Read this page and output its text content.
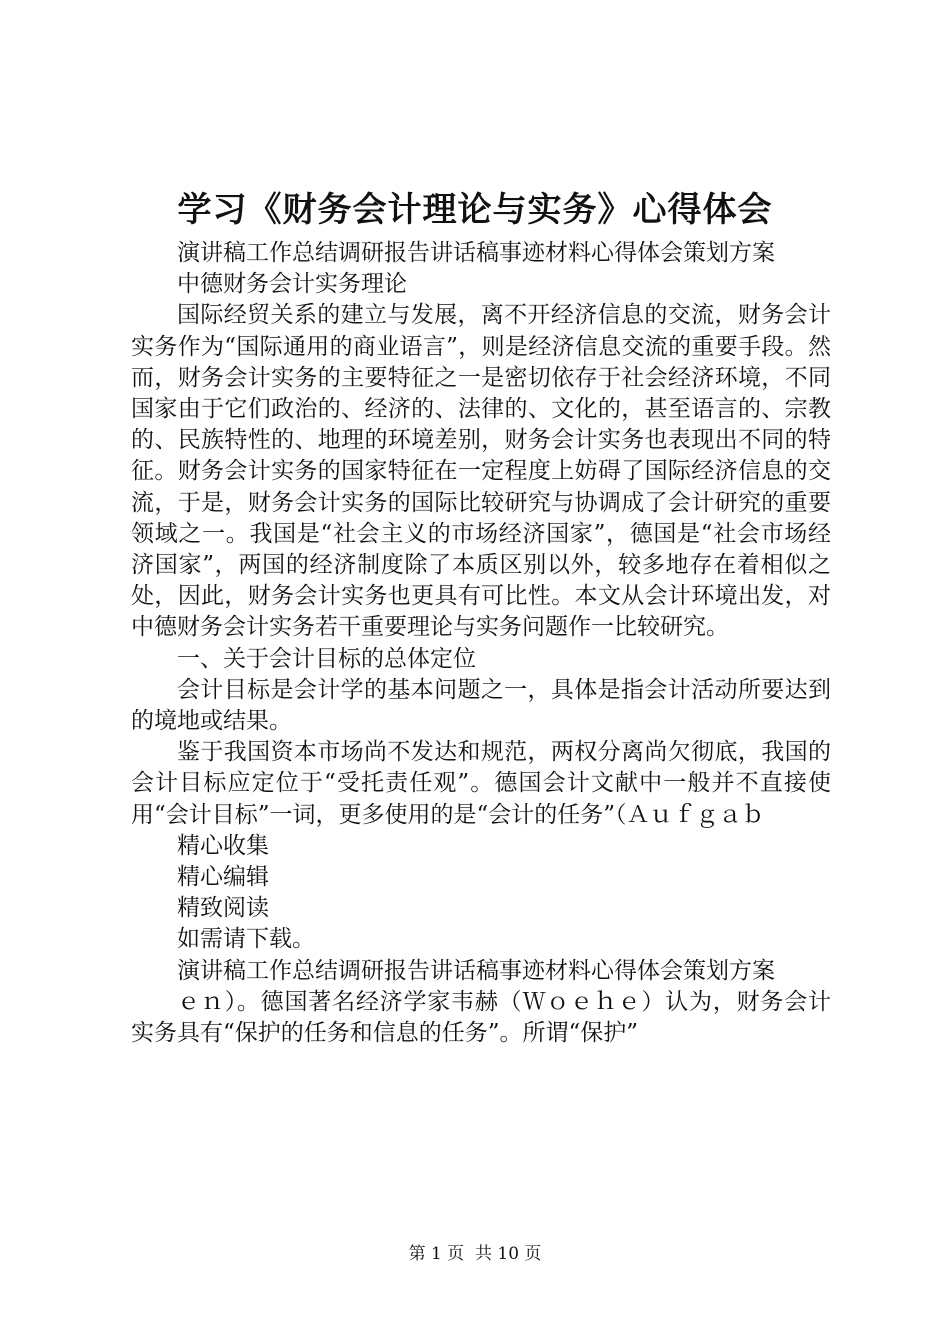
学习《财务会计理论与实务》心得体会

演讲稿工作总结调研报告讲话稿事迹材料心得体会策划方案

中德财务会计实务理论

国际经贸关系的建立与发展，离不开经济信息的交流，财务会计实务作为“国际通用的商业语言”，则是经济信息交流的重要手段。然而，财务会计实务的主要特征之一是密切依存于社会经济环境，不同国家由于它们政治的、经济的、法律的、文化的，甚至语言的、宗教的、民族特性的、地理的环境差别，财务会计实务也表现出不同的特征。财务会计实务的国家特征在一定程度上妨碍了国际经济信息的交流，于是，财务会计实务的国际比较研究与协调成了会计研究的重要领域之一。我国是“社会主义的市场经济国家”，德国是“社会市场经济国家”，两国的经济制度除了本质区别以外，较多地存在着相似之处，因此，财务会计实务也更具有可比性。本文从会计环境出发，对中德财务会计实务若干重要理论与实务问题作一比较研究。

一、关于会计目标的总体定位

会计目标是会计学的基本问题之一，具体是指会计活动所要达到的境地或结果。

鉴于我国资本市场尚不发达和规范，两权分离尚欠彻底，我国的会计目标应定位于“受托责任观”。德国会计文献中一般并不直接使用“会计目标”一词，更多使用的是“会计的任务”（Ａｕｆｇａｂ

精心收集

精心编辑

精致阅读

如需请下载。

演讲稿工作总结调研报告讲话稿事迹材料心得体会策划方案

ｅｎ）。德国著名经济学家韦赫（Ｗｏｅｈｅ）认为，财务会计实务具有“保护的任务和信息的任务”。所谓“保护”

第 1 页  共 10 页
